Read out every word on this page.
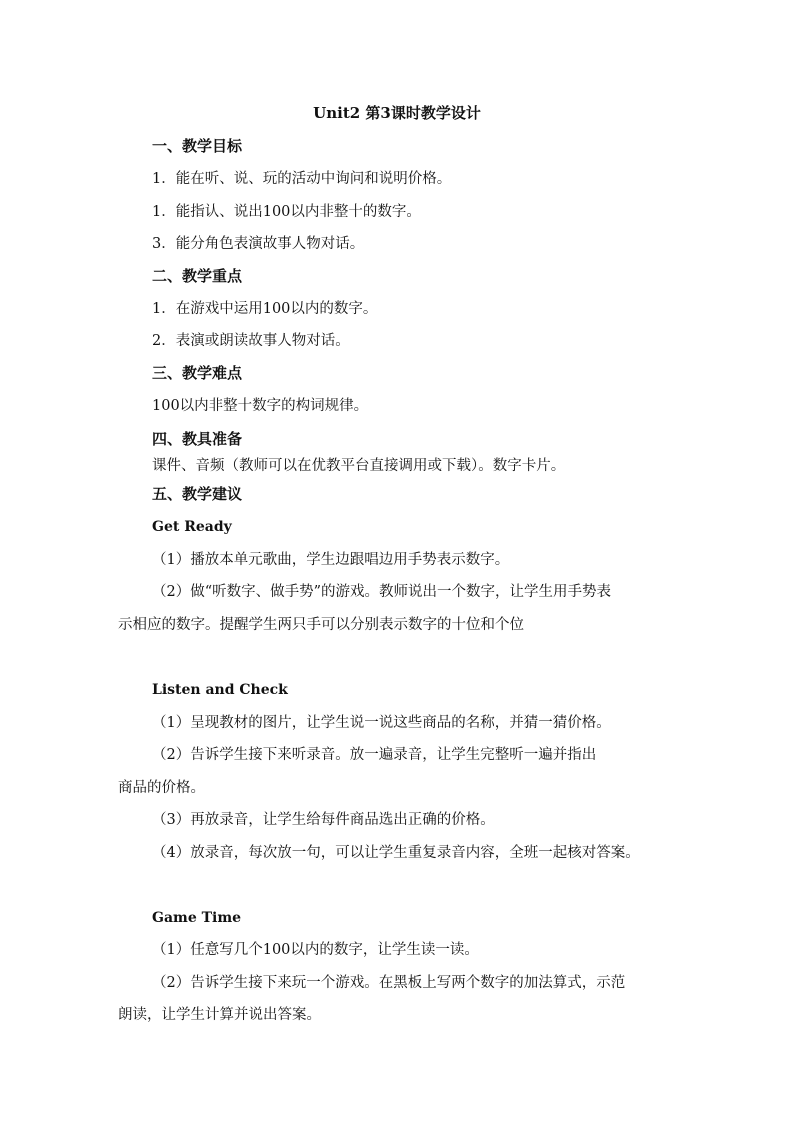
Unit2 第3课时教学设计
一、教学目标
1．能在听、说、玩的活动中询问和说明价格。
1．能指认、说出100以内非整十的数字。
3．能分角色表演故事人物对话。
二、教学重点
1．在游戏中运用100以内的数字。
2．表演或朗读故事人物对话。
三、教学难点
100以内非整十数字的构词规律。
四、教具准备
课件、音频（教师可以在优教平台直接调用或下载）。数字卡片。
五、教学建议
Get Ready
（1）播放本单元歌曲，学生边跟唱边用手势表示数字。
（2）做“听数字、做手势”的游戏。教师说出一个数字，让学生用手势表
示相应的数字。提醒学生两只手可以分别表示数字的十位和个位
Listen and Check
（1）呈现教材的图片，让学生说一说这些商品的名称，并猜一猜价格。
（2）告诉学生接下来听录音。放一遍录音，让学生完整听一遍并指出
商品的价格。
（3）再放录音，让学生给每件商品选出正确的价格。
（4）放录音，每次放一句，可以让学生重复录音内容，全班一起核对答案。
Game Time
（1）任意写几个100以内的数字，让学生读一读。
（2）告诉学生接下来玩一个游戏。在黑板上写两个数字的加法算式，示范
朗读，让学生计算并说出答案。
